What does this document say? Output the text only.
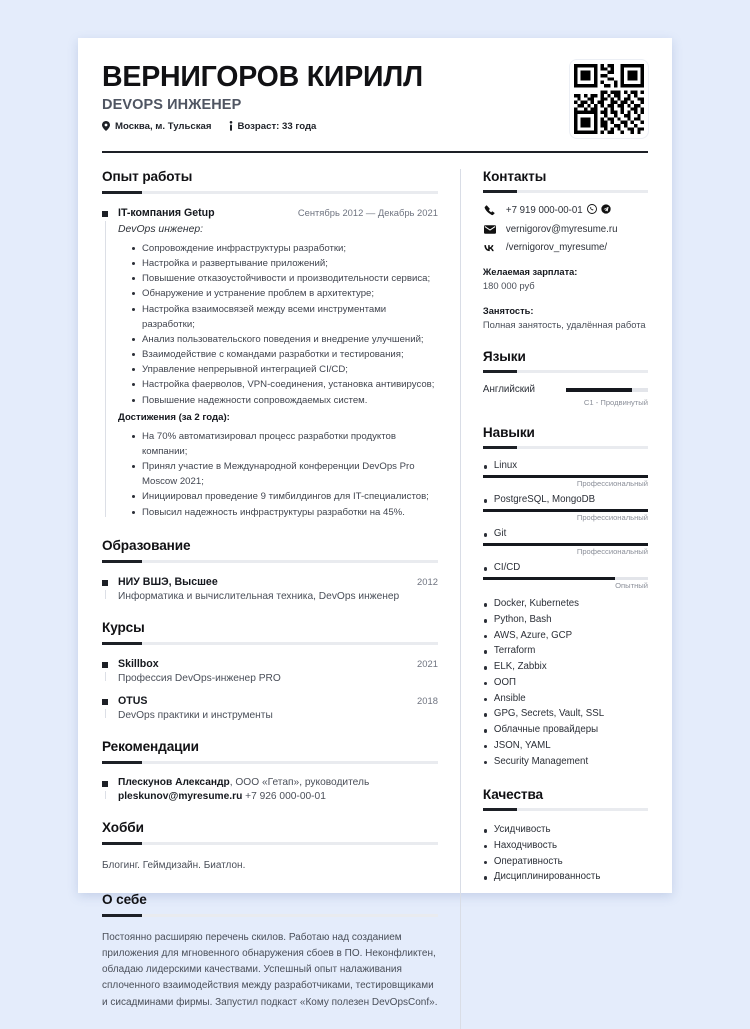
ВЕРНИГОРОВ КИРИЛЛ
DEVOPS ИНЖЕНЕР
Москва, м. Тульская	Возраст: 33 года
Опыт работы
IT-компания Getup	Сентябрь 2012 — Декабрь 2021
DevOps инженер:
Сопровождение инфраструктуры разработки;
Настройка и развертывание приложений;
Повышение отказоустойчивости и производительности сервиса;
Обнаружение и устранение проблем в архитектуре;
Настройка взаимосвязей между всеми инструментами разработки;
Анализ пользовательского поведения и внедрение улучшений;
Взаимодействие с командами разработки и тестирования;
Управление непрерывной интеграцией CI/CD;
Настройка фаерволов, VPN-соединения, установка антивирусов;
Повышение надежности сопровождаемых систем.
Достижения (за 2 года):
На 70% автоматизировал процесс разработки продуктов компании;
Принял участие в Международной конференции DevOps Pro Moscow 2021;
Инициировал проведение 9 тимбилдингов для IT-специалистов;
Повысил надежность инфраструктуры разработки на 45%.
Образование
НИУ ВШЭ, Высшее	2012
Информатика и вычислительная техника, DevOps инженер
Курсы
Skillbox	2021
Профессия DevOps-инженер PRO
OTUS	2018
DevOps практики и инструменты
Рекомендации
Плескунов Александр, ООО «Гетап», руководитель
pleskunov@myresume.ru +7 926 000-00-01
Хобби
Блогинг. Геймдизайн. Биатлон.
О себе
Постоянно расширяю перечень скилов. Работаю над созданием приложения для мгновенного обнаружения сбоев в ПО. Неконфликтен, обладаю лидерскими качествами. Успешный опыт налаживания сплоченного взаимодействия между разработчиками, тестировщиками и сисадминами фирмы. Запустил подкаст «Кому полезен DevOpsConf».
Контакты
+7 919 000-00-01
vernigorov@myresume.ru
/vernigorov_myresume/
Желаемая зарплата:
180 000 руб
Занятость:
Полная занятость, удалённая работа
Языки
Английский
C1 - Продвинутый
Навыки
Linux
Профессиональный
PostgreSQL, MongoDB
Профессиональный
Git
Профессиональный
CI/CD
Опытный
Docker, Kubernetes
Python, Bash
AWS, Azure, GCP
Terraform
ELK, Zabbix
ООП
Ansible
GPG, Secrets, Vault, SSL
Облачные провайдеры
JSON, YAML
Security Management
Качества
Усидчивость
Находчивость
Оперативность
Дисциплинированность
